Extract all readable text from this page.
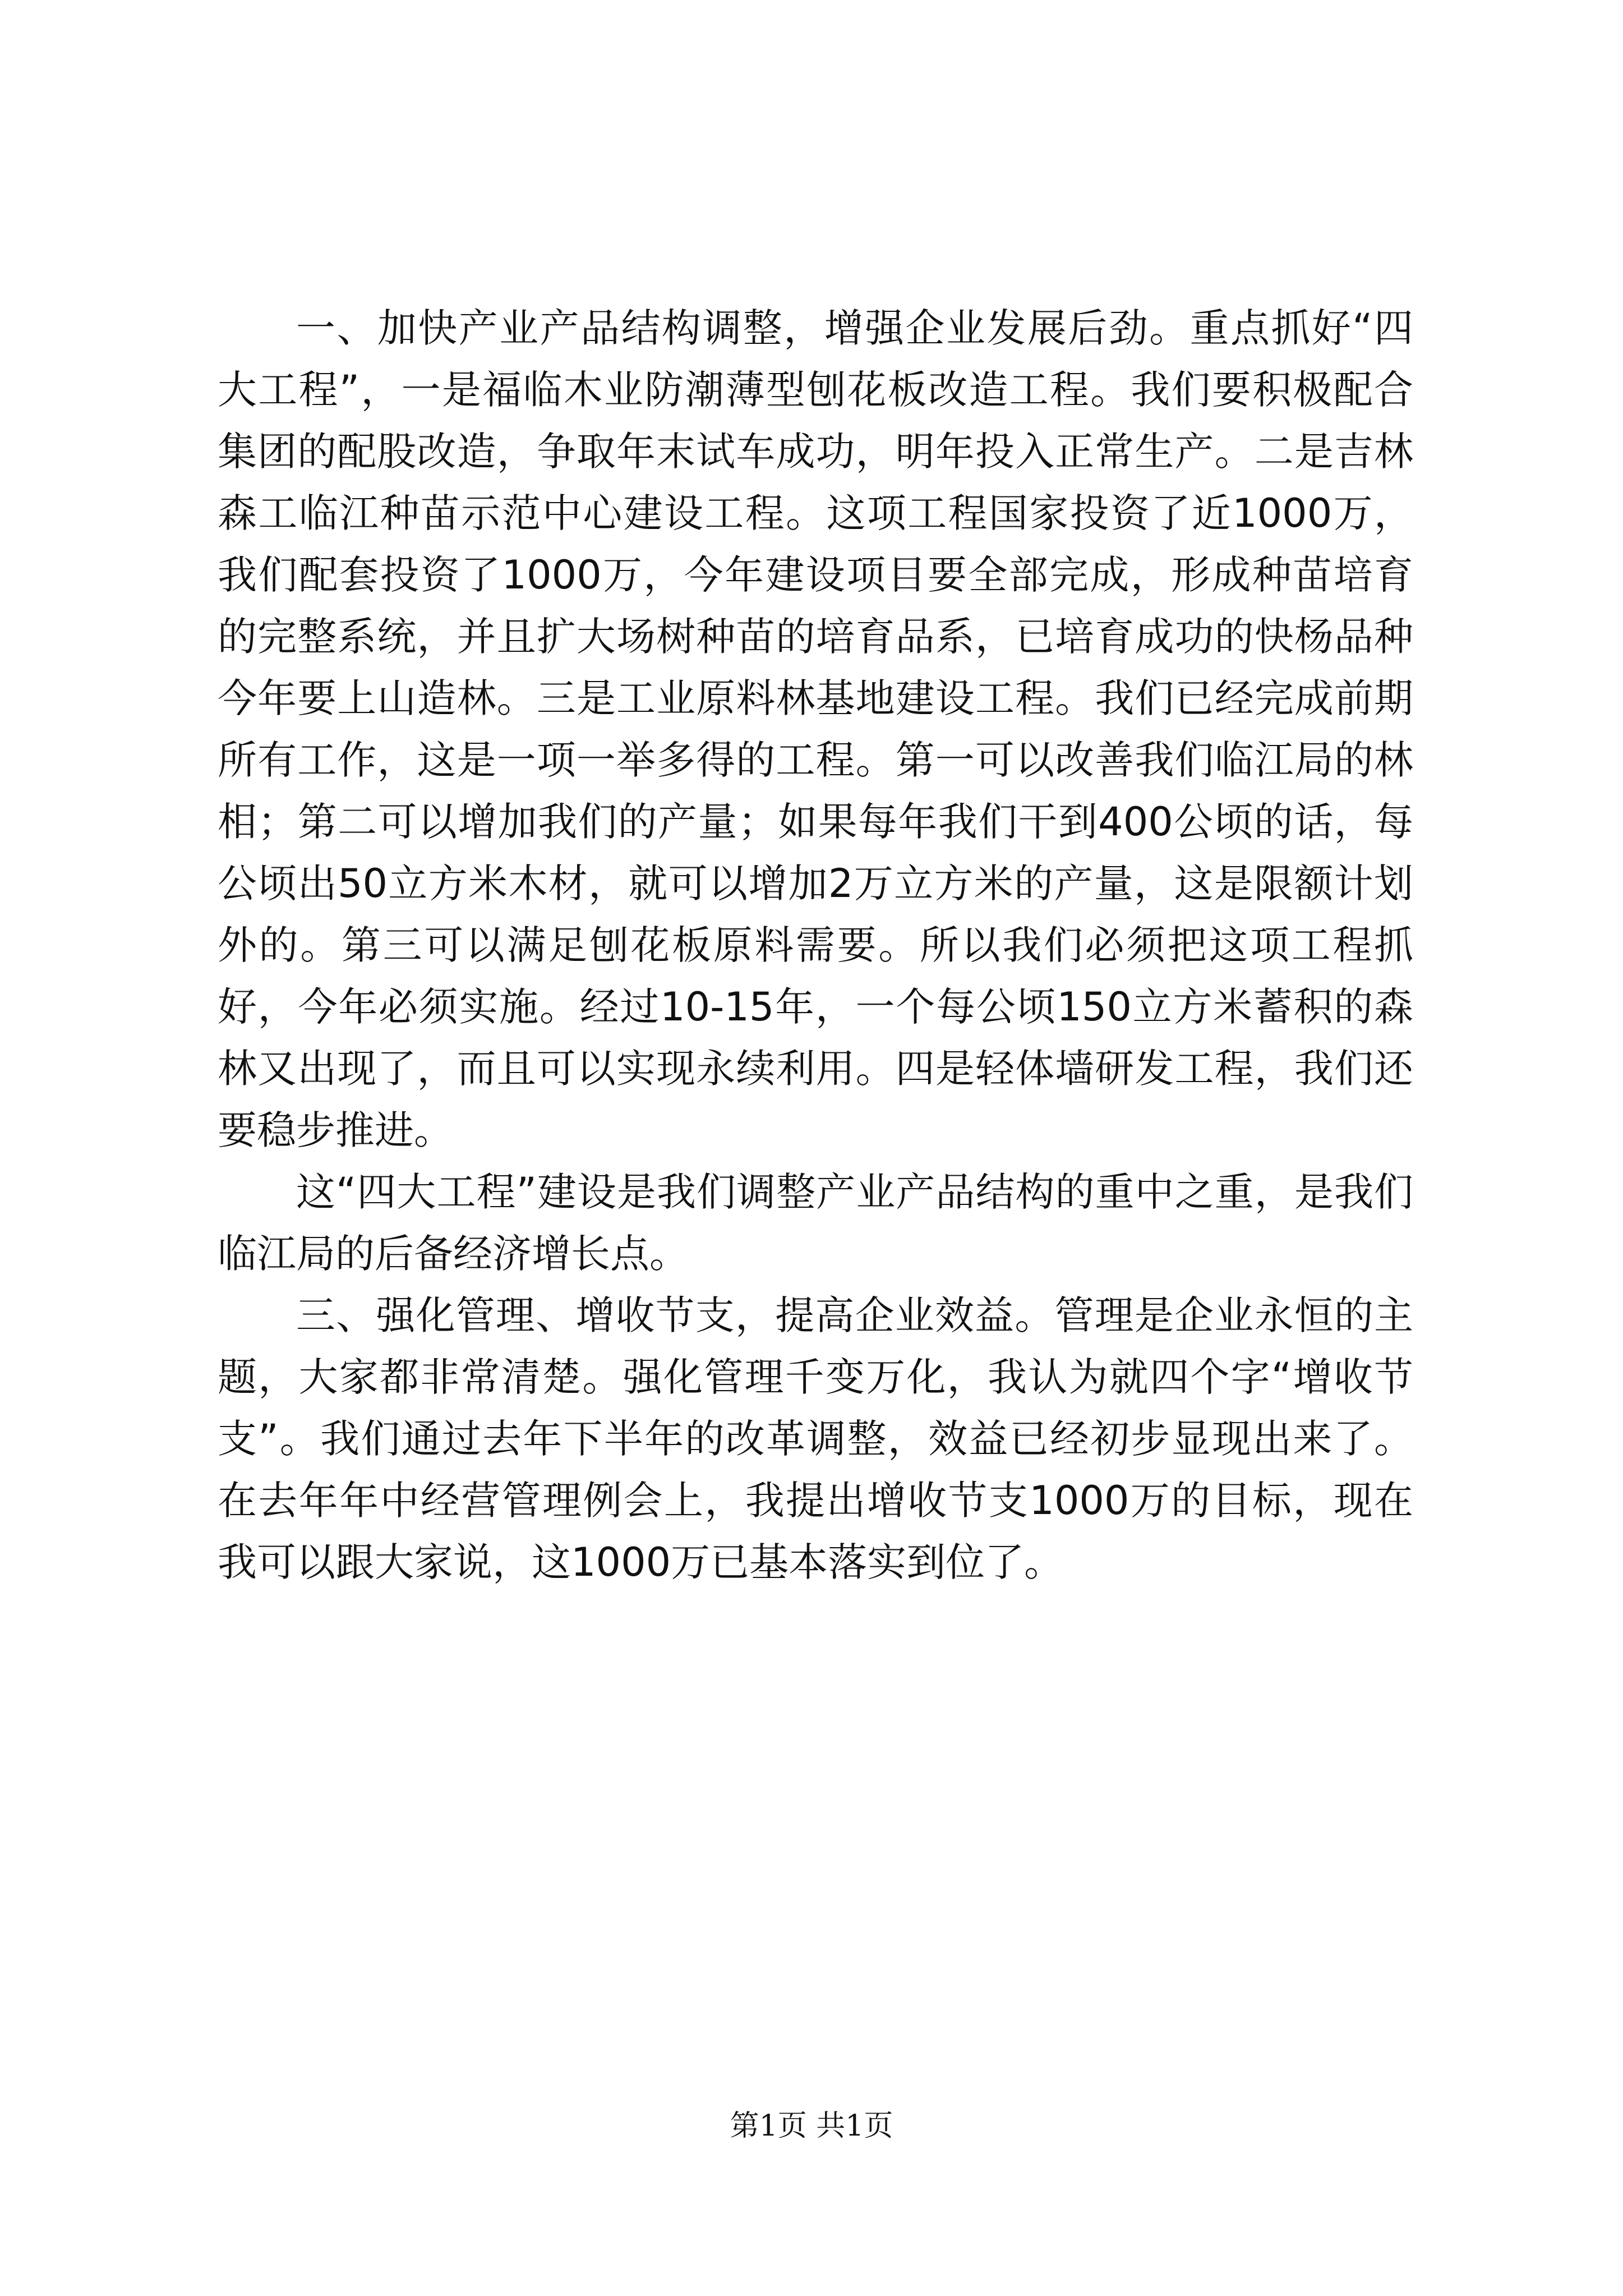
一、加快产业产品结构调整，增强企业发展后劲。重点抓好“四大工程”，一是福临木业防潮薄型刨花板改造工程。我们要积极配合集团的配股改造，争取年末试车成功，明年投入正常生产。二是吉林森工临江种苗示范中心建设工程。这项工程国家投资了近1000万，我们配套投资了1000万，今年建设项目要全部完成，形成种苗培育的完整系统，并且扩大场树种苗的培育品系，已培育成功的快杨品种今年要上山造林。三是工业原料林基地建设工程。我们已经完成前期所有工作，这是一项一举多得的工程。第一可以改善我们临江局的林相；第二可以增加我们的产量；如果每年我们干到400公顷的话，每公顷出50立方米木材，就可以增加2万立方米的产量，这是限额计划外的。第三可以满足刨花板原料需要。所以我们必须把这项工程抓好，今年必须实施。经过10-15年，一个每公顷150立方米蓄积的森林又出现了，而且可以实现永续利用。四是轻体墙研发工程，我们还要稳步推进。

这“四大工程”建设是我们调整产业产品结构的重中之重，是我们临江局的后备经济增长点。

三、强化管理、增收节支，提高企业效益。管理是企业永恒的主题，大家都非常清楚。强化管理千变万化，我认为就四个字“增收节支”。我们通过去年下半年的改革调整，效益已经初步显现出来了。在去年年中经营管理例会上，我提出增收节支1000万的目标，现在我可以跟大家说，这1000万已基本落实到位了。

第1页 共1页
